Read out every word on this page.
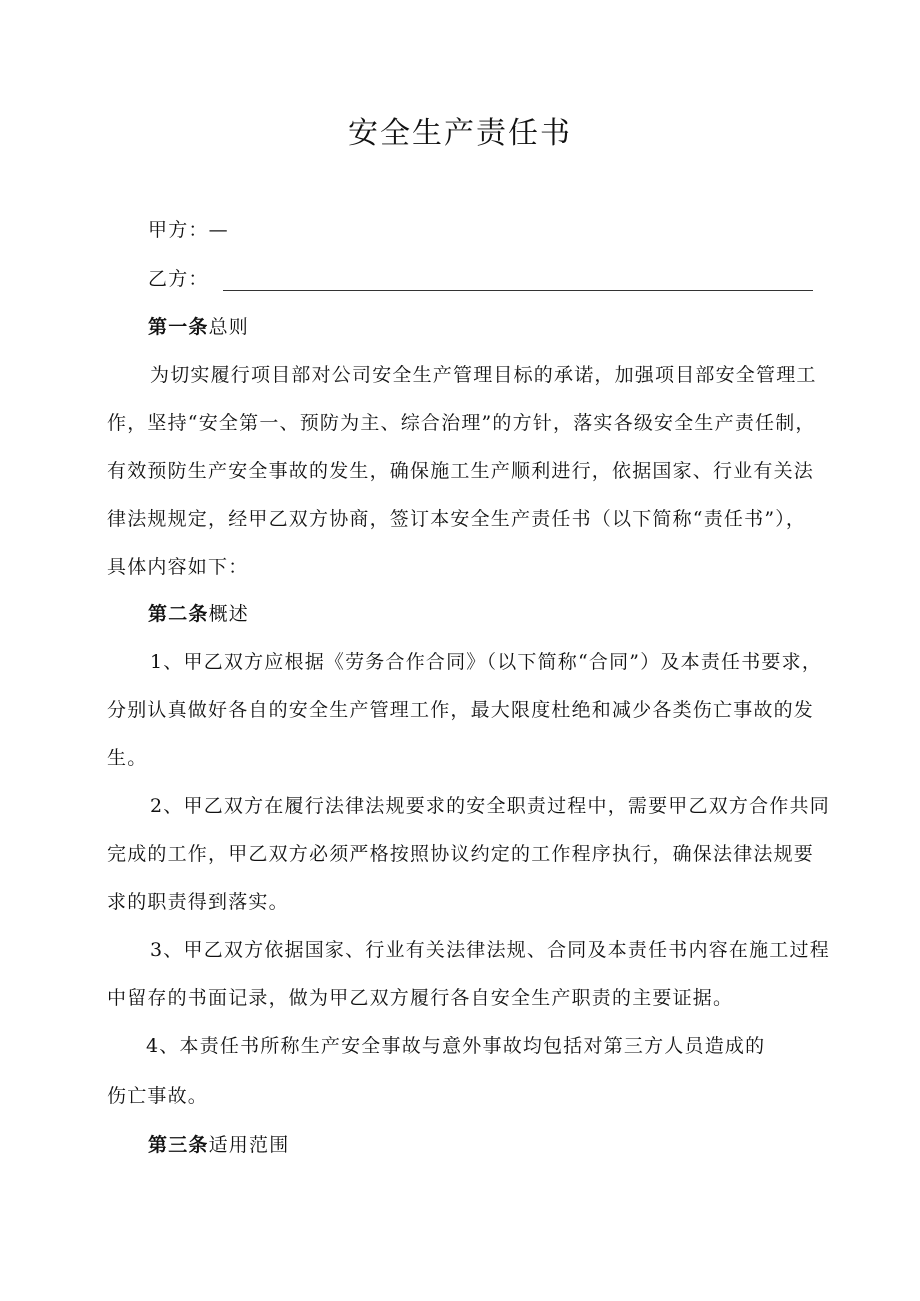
安全生产责任书
甲方：—
乙方：
第一条总则
为切实履行项目部对公司安全生产管理目标的承诺，加强项目部安全管理工
作，坚持“安全第一、预防为主、综合治理”的方针，落实各级安全生产责任制，
有效预防生产安全事故的发生，确保施工生产顺利进行，依据国家、行业有关法
律法规规定，经甲乙双方协商，签订本安全生产责任书（以下简称“责任书”），
具体内容如下：
第二条概述
1、甲乙双方应根据《劳务合作合同》（以下简称“合同”）及本责任书要求，
分别认真做好各自的安全生产管理工作，最大限度杜绝和减少各类伤亡事故的发
生。
2、甲乙双方在履行法律法规要求的安全职责过程中，需要甲乙双方合作共同
完成的工作，甲乙双方必须严格按照协议约定的工作程序执行，确保法律法规要
求的职责得到落实。
3、甲乙双方依据国家、行业有关法律法规、合同及本责任书内容在施工过程
中留存的书面记录，做为甲乙双方履行各自安全生产职责的主要证据。
4、本责任书所称生产安全事故与意外事故均包括对第三方人员造成的
伤亡事故。
第三条适用范围
